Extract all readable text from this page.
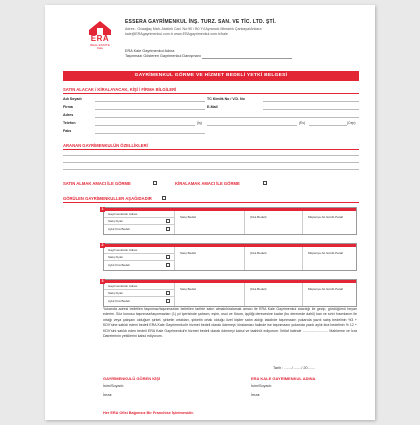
ERA
REAL ESTATE
Kale
ESSERA GAYRİMENKUL İNŞ. TURZ. SAN. VE TİC. LTD. ŞTİ.
Adres : Ovaağaç Mah. Atatürk Cad. No:90 / B0 Yıl Ayrancık Mimarlık Çankaya/Ankara
kale@ERAgayrimenkul.com.tr www.ERAgayrimenkul.com.tr/kale
ERA Kale Gayrimenkul Adına
Taşınmazı Gösteren Gayrimenkul Danışmanı
GAYRİMENKUL GÖRME VE HİZMET BEDELİ YETKİ BELGESİ
SATIN ALACAK / KİRALAYACAK, KİŞİ / FİRMA BİLGİLERİ
Adı Soyadı	TC Kimlik No / V.D. No
Firma	E-Mail
Adres
Telefon	(İş)	(Ev)	(Cep)
Faks
ARANAN GAYRİMENKULÜN ÖZELLİKLERİ
SATIN ALMAK AMACI İLE GÖRME	KİRALAMAK AMACI İLE GÖRME
GÖRÜLEN GAYRİMENKULLER AŞAĞIDADIR
1
Gayrimenkulün Adresi
Satış Fiyatı
Aylık Kira Bedeli
Satış Bedeli	(Kira Bedeli)	Müşteriye Ait Gördü Parafı
2
Gayrimenkulün Adresi
Satış Fiyatı
Aylık Kira Bedeli
Satış Bedeli	(Kira Bedeli)	Müşteriye Ait Gördü Parafı
3
Gayrimenkulün Adresi
Satış Fiyatı
Aylık Kira Bedeli
Satış Bedeli	(Kira Bedeli)	Müşteriye Ait Gördü Parafı
Yukarıda adresi belirtilen taşınmaz/taşınmazları belirtilen tarihte satın almak/kiralamak amacı ile ERA Kale Gayrimenkul aracılığı ile gezip, gördüğümü beyan ederim. Söz konusu taşınmaz/taşınmazları (1) yıl içerisinde şahsım, eşim, usul ve fürum, işçiliği derecesine kadar (bu derecede dahil) kan ve sıhri hısımlarım ile ortağı veya çalışanı olduğum şirket, şirketin ortakları, şirketin ortak olduğu özel kişiler satın aldığı takdirde taşınmazın yukarıda yazılı satış bedelinin %3 + KDV'sine satıldı edeni bedeli ERA Kale Gayrimenkul'e hizmet bedeli olarak ödemeyi; kiralaması halinde ise taşınmazın yukarıda yazılı aylık kira bedelinin % 12 + KDV'sini satıldı eden bedeli ERA Kale Gayrimenkul'e hizmet bedeli olarak ödemeyi kabul ve taahhüt ediyorum. İhtilaf halinde .......................... Mahkeme ve İcra Dairelerinin yetkilerini kabul ediyorum.
Tarih : ......./ ......./ 20.......
GAYRİMENKULÜ GÖREN KİŞİ	ERA KALE GAYRİMENKUL ADINA
İsim/Soyadı:	İsim/Soyadı:
İmza:	İmza:
Her ERA Ofisi Bağımsız Bir Franchise İşletmesidir.
